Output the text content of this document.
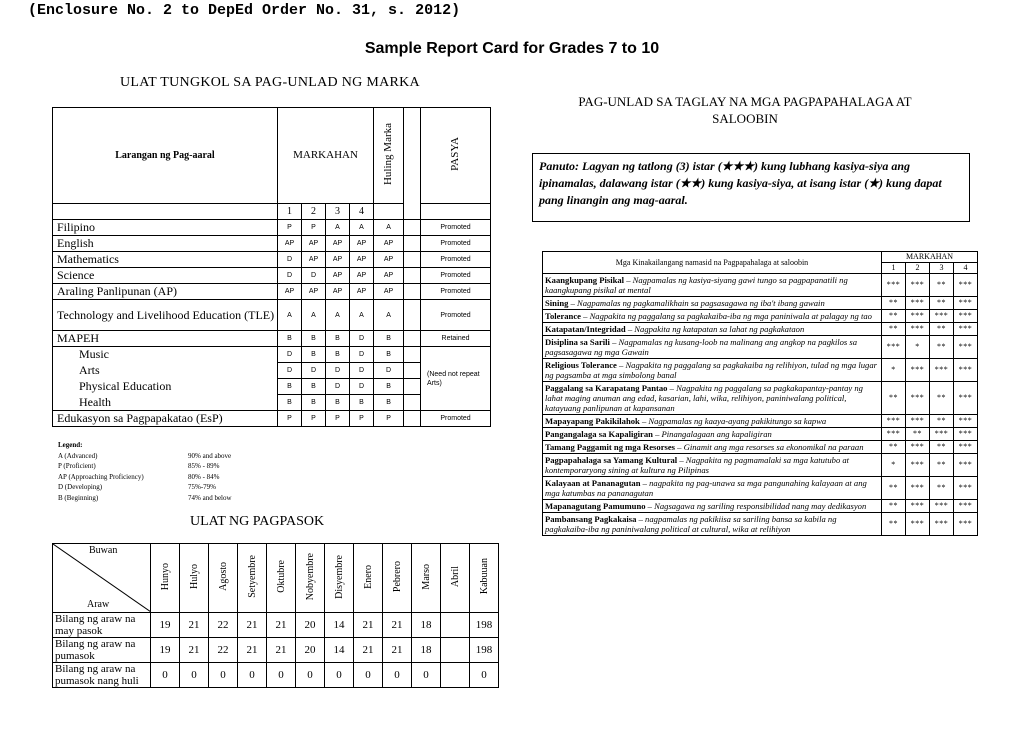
(Enclosure No. 2 to DepEd Order No. 31, s. 2012)
Sample Report Card for Grades 7 to 10
ULAT TUNGKOL SA PAG-UNLAD NG MARKA
PAG-UNLAD SA TAGLAY NA MGA PAGPAPAHALAGA AT SALOOBIN
Larangan ng Pag-aaral	MARKAHAN				Huling Marka		PASYA

	1	2	3	4			
Filipino	P	P	A	A	A		Promoted
English	AP	AP	AP	AP	AP		Promoted
Mathematics	D	AP	AP	AP	AP		Promoted
Science	D	D	AP	AP	AP		Promoted
Araling Panlipunan (AP)	AP	AP	AP	AP	AP		Promoted
Technology and Livelihood Education (TLE)	A	A	A	A	A		Promoted
MAPEH	B	B	B	D	B		Retained
Music	D	B	B	D	B		(Need not repeat Arts)
Arts	D	D	D	D	D		
Physical Education	B	B	D	D	B		
Health	B	B	B	B	B		
Edukasyon sa Pagpapakatao (EsP)	P	P	P	P	P		Promoted
Legend:
A (Advanced)	90% and above
P (Proficient)	85% - 89%
AP (Approaching Proficiency)	80% - 84%
D (Developing)	75%-79%
B (Beginning)	74% and below
ULAT NG PAGPASOK
Buwan
Araw	Hunyo	Hulyo	Agosto	Setyembre	Oktubre	Nobyembre	Disyembre	Enero	Pebrero	Marso	Abril	Kabuuan
Bilang ng araw na may pasok	19	21	22	21	21	20	14	21	21	18		198
Bilang ng araw na pumasok	19	21	22	21	21	20	14	21	21	18		198
Bilang ng araw na pumasok nang huli	0	0	0	0	0	0	0	0	0	0		0
Panuto: Lagyan ng tatlong (3) istar (★★★) kung lubhang kasiya-siya ang ipinamalas, dalawang istar (★★) kung kasiya-siya, at isang istar (★) kung dapat pang linangin ang mag-aaral.
Mga Kinakailangang namasid na Pagpapahalaga at saloobin	MARKAHAN			
	1	2	3	4
Kaangkupang Pisikal – Nagpamalas ng kasiya-siyang gawi tungo sa pagpapanatili ng kaangkupang pisikal at mental	***	***	**	***
Sining – Nagpamalas ng pagkamalikhain sa pagsasagawa ng iba't ibang gawain	**	***	**	***
Tolerance – Nagpakita ng paggalang sa pagkakaiba-iba ng mga paniniwala at palagay ng tao	**	***	***	***
Katapatan/Integridad – Nagpakita ng katapatan sa lahat ng pagkakataon	**	***	**	***
Disiplina sa Sarili – Nagpamalas ng kusang-loob na malinang ang angkop na pagkilos sa pagsasagawa ng mga Gawain	***	*	**	***
Religious Tolerance – Nagpakita ng paggalang sa pagkakaiba ng relihiyon, tulad ng mga lugar ng pagsamba at mga simbolong banal	*	***	***	***
Paggalang sa Karapatang Pantao – Nagpakita ng paggalang sa pagkakapantay-pantay ng lahat maging anuman ang edad, kasarian, lahi, wika, relihiyon, paniniwalang political, katayuang panlipunan at kapansanan	**	***	**	***
Mapayapang Pakikilahok – Nagpamalas ng kaaya-ayang pakikitungo sa kapwa	***	***	**	***
Pangangalaga sa Kapaligiran – Pinangalagaan ang kapaligiran	***	**	***	***
Tamang Paggamit ng mga Resorses – Ginamit ang mga resorses sa ekonomikal na paraan	**	***	**	***
Pagpapahalaga sa Yamang Kultural – Nagpakita ng pagmamalaki sa mga katutubo at kontemporaryong sining at kultura ng Pilipinas	*	***	**	***
Kalayaan at Pananagutan – nagpakita ng pag-unawa sa mga pangunahing kalayaan at ang mga katumbas na pananagutan	**	***	**	***
Mapanagutang Pamumuno – Nagsagawa ng sariling responsibilidad nang may dedikasyon	**	***	***	***
Pambansang Pagkakaisa – nagpamalas ng pakikiisa sa sariling bansa sa kabila ng pagkakaiba-iba ng paniniwalang political at cultural, wika at relihiyon	**	***	***	***
